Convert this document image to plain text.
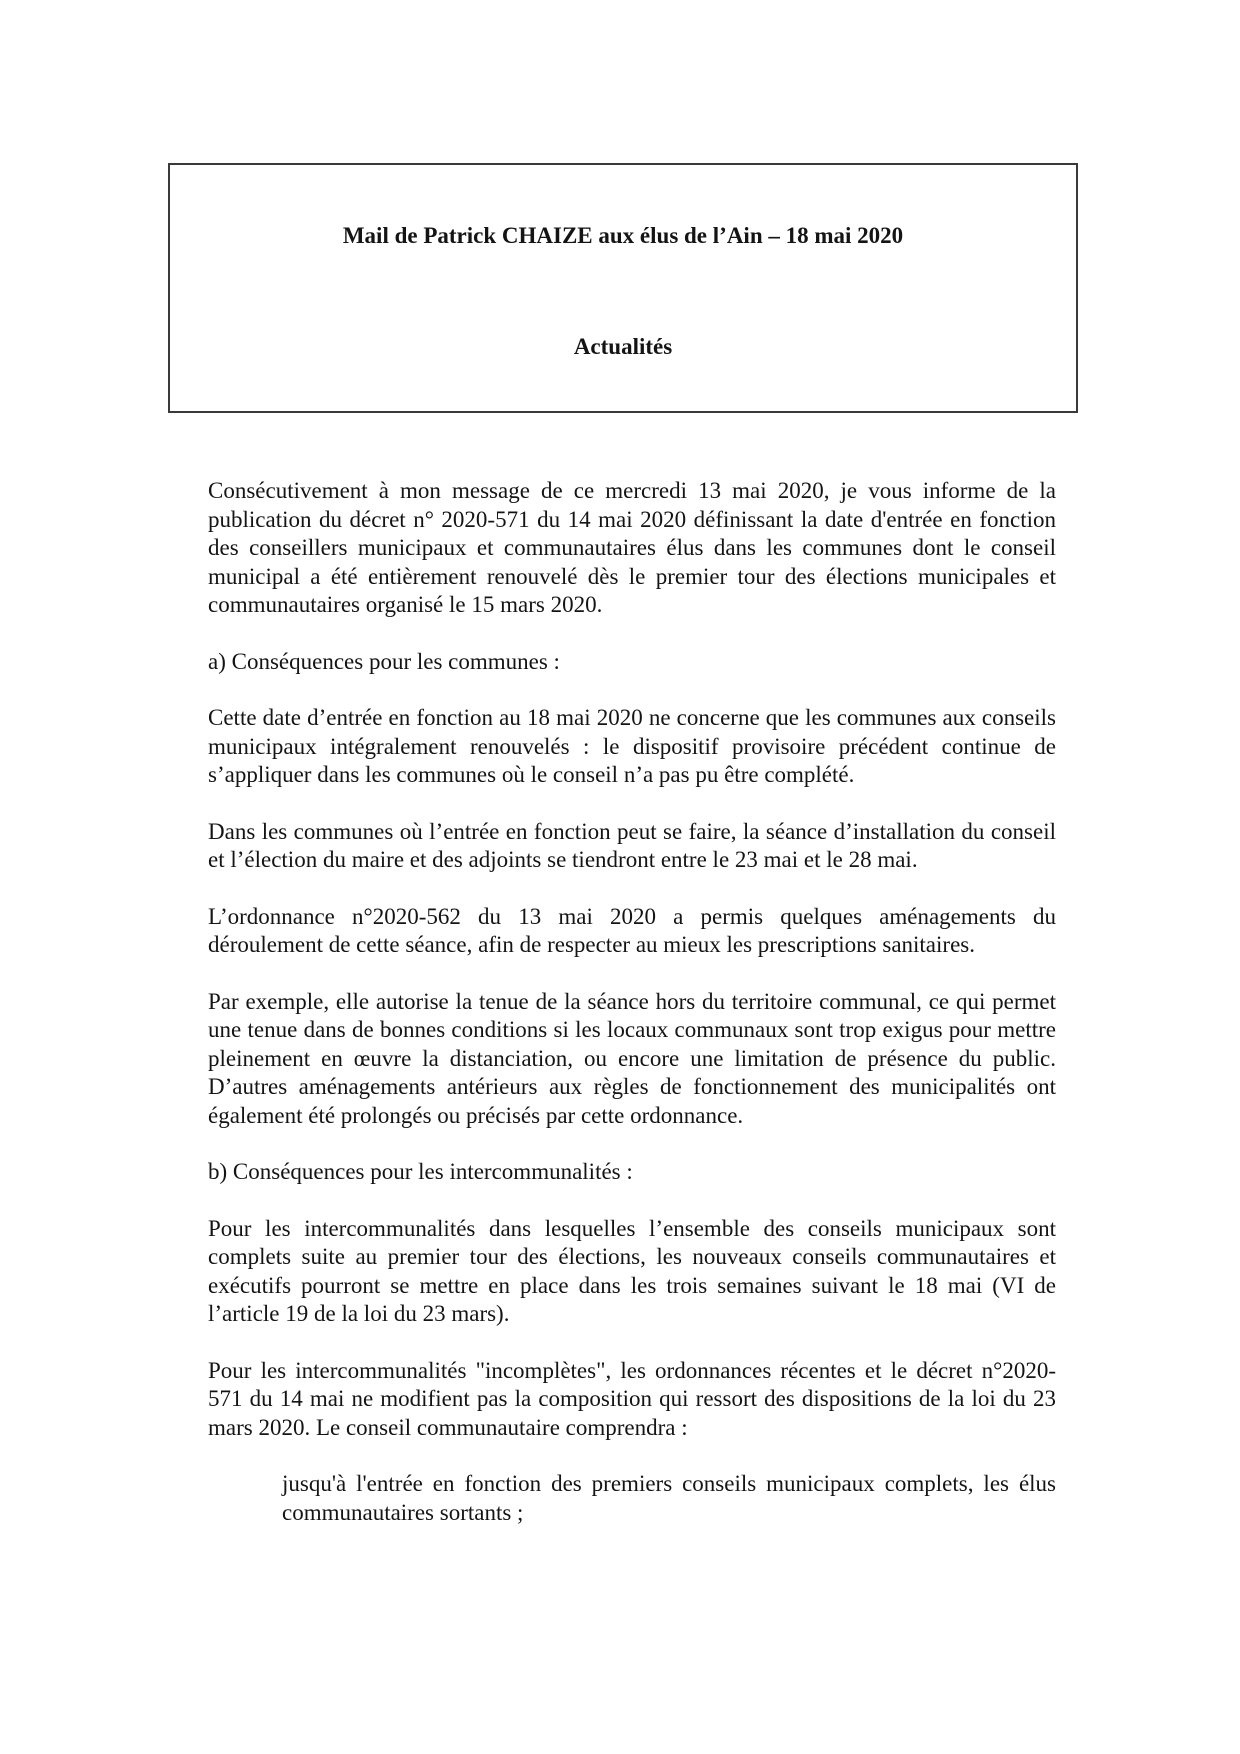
Mail de Patrick CHAIZE aux élus de l’Ain – 18 mai 2020
Actualités

Consécutivement à mon message de ce mercredi 13 mai 2020, je vous informe de la publication du décret n° 2020-571 du 14 mai 2020 définissant la date d'entrée en fonction des conseillers municipaux et communautaires élus dans les communes dont le conseil municipal a été entièrement renouvelé dès le premier tour des élections municipales et communautaires organisé le 15 mars 2020.

a) Conséquences pour les communes :

Cette date d’entrée en fonction au 18 mai 2020 ne concerne que les communes aux conseils municipaux intégralement renouvelés : le dispositif provisoire précédent continue de s’appliquer dans les communes où le conseil n’a pas pu être complété.

Dans les communes où l’entrée en fonction peut se faire, la séance d’installation du conseil et l’élection du maire et des adjoints se tiendront entre le 23 mai et le 28 mai.

L’ordonnance n°2020-562 du 13 mai 2020 a permis quelques aménagements du déroulement de cette séance, afin de respecter au mieux les prescriptions sanitaires.

Par exemple, elle autorise la tenue de la séance hors du territoire communal, ce qui permet une tenue dans de bonnes conditions si les locaux communaux sont trop exigus pour mettre pleinement en œuvre la distanciation, ou encore une limitation de présence du public. D’autres aménagements antérieurs aux règles de fonctionnement des municipalités ont également été prolongés ou précisés par cette ordonnance.

b) Conséquences pour les intercommunalités :

Pour les intercommunalités dans lesquelles l’ensemble des conseils municipaux sont complets suite au premier tour des élections, les nouveaux conseils communautaires et exécutifs pourront se mettre en place dans les trois semaines suivant le 18 mai (VI de l’article 19 de la loi du 23 mars).

Pour les intercommunalités "incomplètes", les ordonnances récentes et le décret n°2020-571 du 14 mai ne modifient pas la composition qui ressort des dispositions de la loi du 23 mars 2020. Le conseil communautaire comprendra :

jusqu'à l'entrée en fonction des premiers conseils municipaux complets, les élus communautaires sortants ;
